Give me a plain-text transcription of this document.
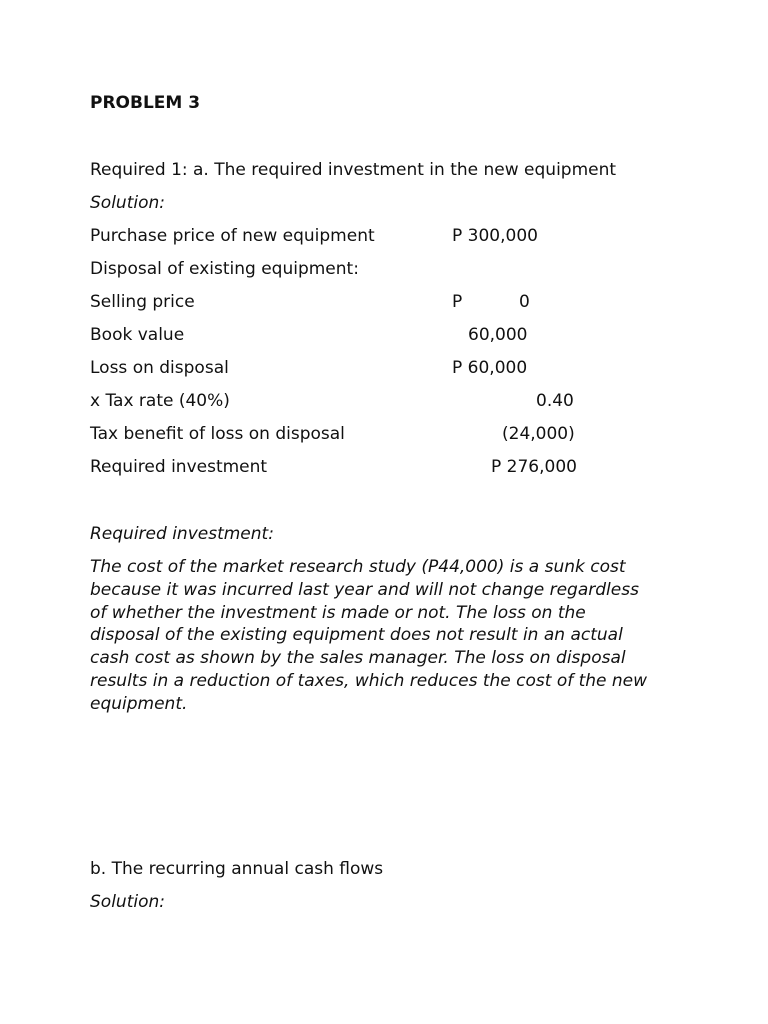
PROBLEM 3
Required 1: a. The required investment in the new equipment
Solution:
Purchase price of new equipment	P 300,000
Disposal of existing equipment:
Selling price	P	0
Book value	60,000
Loss on disposal	P 60,000
x Tax rate (40%)	0.40
Tax benefit of loss on disposal	(24,000)
Required investment	P 276,000
Required investment:
The cost of the market research study (P44,000) is a sunk cost
because it was incurred last year and will not change regardless
of whether the investment is made or not. The loss on the
disposal of the existing equipment does not result in an actual
cash cost as shown by the sales manager. The loss on disposal
results in a reduction of taxes, which reduces the cost of the new
equipment.
b. The recurring annual cash flows
Solution:
